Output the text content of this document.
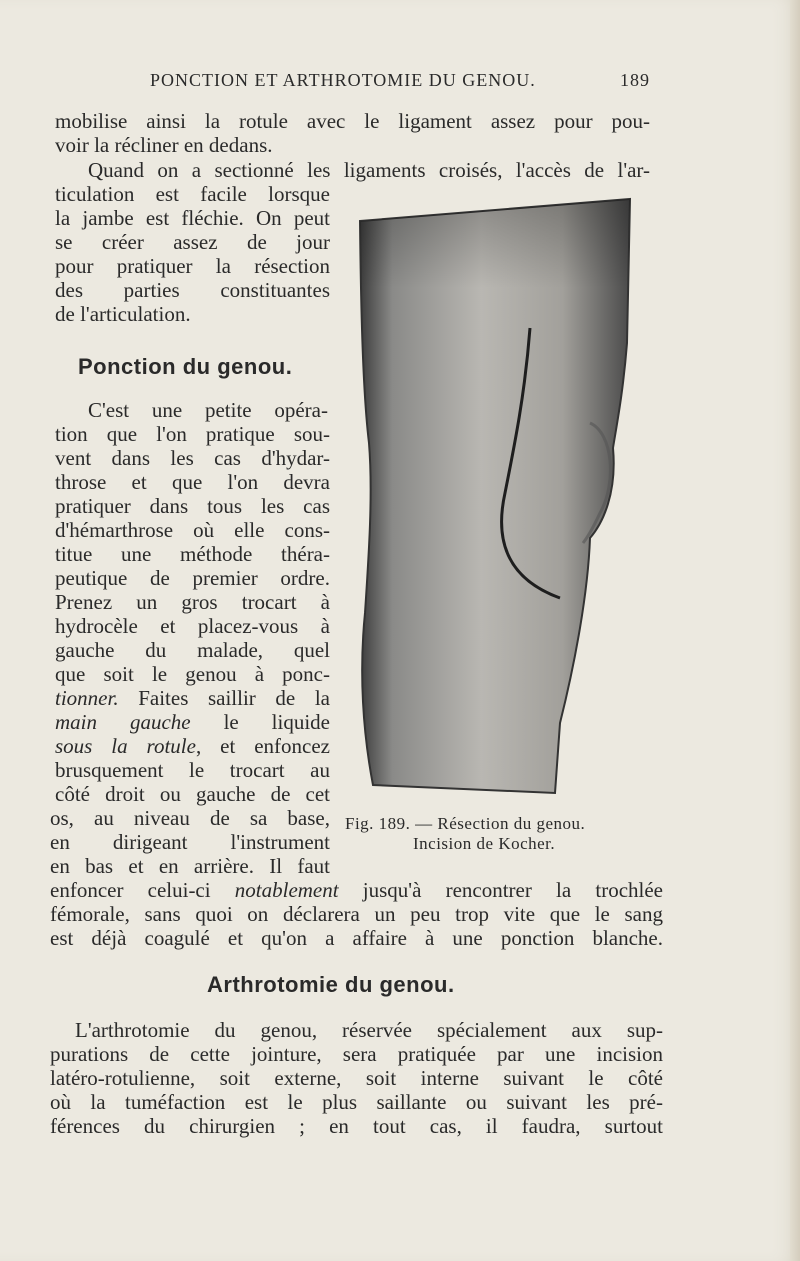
PONCTION ET ARTHROTOMIE DU GENOU.	189
mobilise ainsi la rotule avec le ligament assez pour pou-
voir la récliner en dedans.
Quand on a sectionné les ligaments croisés, l'accès de l'ar-
ticulation est facile lorsque
la jambe est fléchie. On peut
se créer assez de jour
pour pratiquer la résection
des parties constituantes
de l'articulation.
Ponction du genou.
C'est une petite opéra-
tion que l'on pratique sou-
vent dans les cas d'hydar-
throse et que l'on devra
pratiquer dans tous les cas
d'hémarthrose où elle cons-
titue une méthode théra-
peutique de premier ordre.
Prenez un gros trocart à
hydrocèle et placez-vous à
gauche du malade, quel
que soit le genou à ponc-
tionner. Faites saillir de la
main gauche le liquide
sous la rotule, et enfoncez
brusquement le trocart au
côté droit ou gauche de cet
os, au niveau de sa base,
en dirigeant l'instrument
en bas et en arrière. Il faut
enfoncer celui-ci notablement jusqu'à rencontrer la trochlée
fémorale, sans quoi on déclarera un peu trop vite que le sang
est déjà coagulé et qu'on a affaire à une ponction blanche.
Fig. 189. — Résection du genou.
Incision de Kocher.
Arthrotomie du genou.
L'arthrotomie du genou, réservée spécialement aux sup-
purations de cette jointure, sera pratiquée par une incision
latéro-rotulienne, soit externe, soit interne suivant le côté
où la tuméfaction est le plus saillante ou suivant les pré-
férences du chirurgien ; en tout cas, il faudra, surtout
